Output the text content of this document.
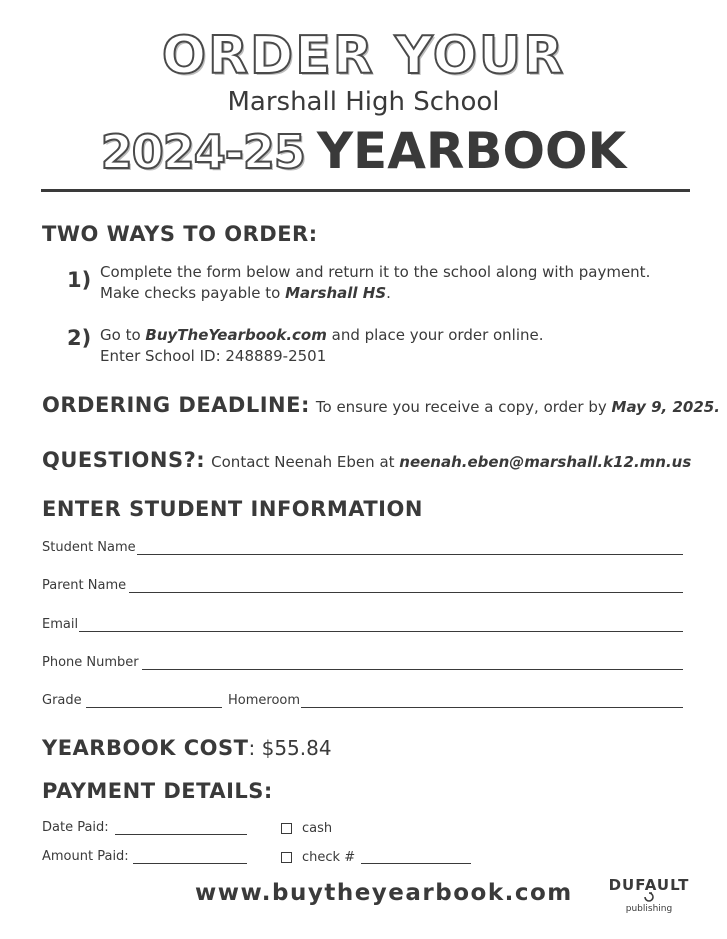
ORDER YOUR
Marshall High School
2024-25 YEARBOOK
TWO WAYS TO ORDER:
1) Complete the form below and return it to the school along with payment.
Make checks payable to Marshall HS.
2) Go to BuyTheYearbook.com and place your order online.
Enter School ID: 248889-2501
ORDERING DEADLINE: To ensure you receive a copy, order by May 9, 2025.
QUESTIONS?: Contact Neenah Eben at neenah.eben@marshall.k12.mn.us
ENTER STUDENT INFORMATION
Student Name
Parent Name
Email
Phone Number
Grade	Homeroom
YEARBOOK COST: $55.84
PAYMENT DETAILS:
Date Paid:
Amount Paid:
cash
check #
www.buytheyearbook.com DUFAULT
publishing
